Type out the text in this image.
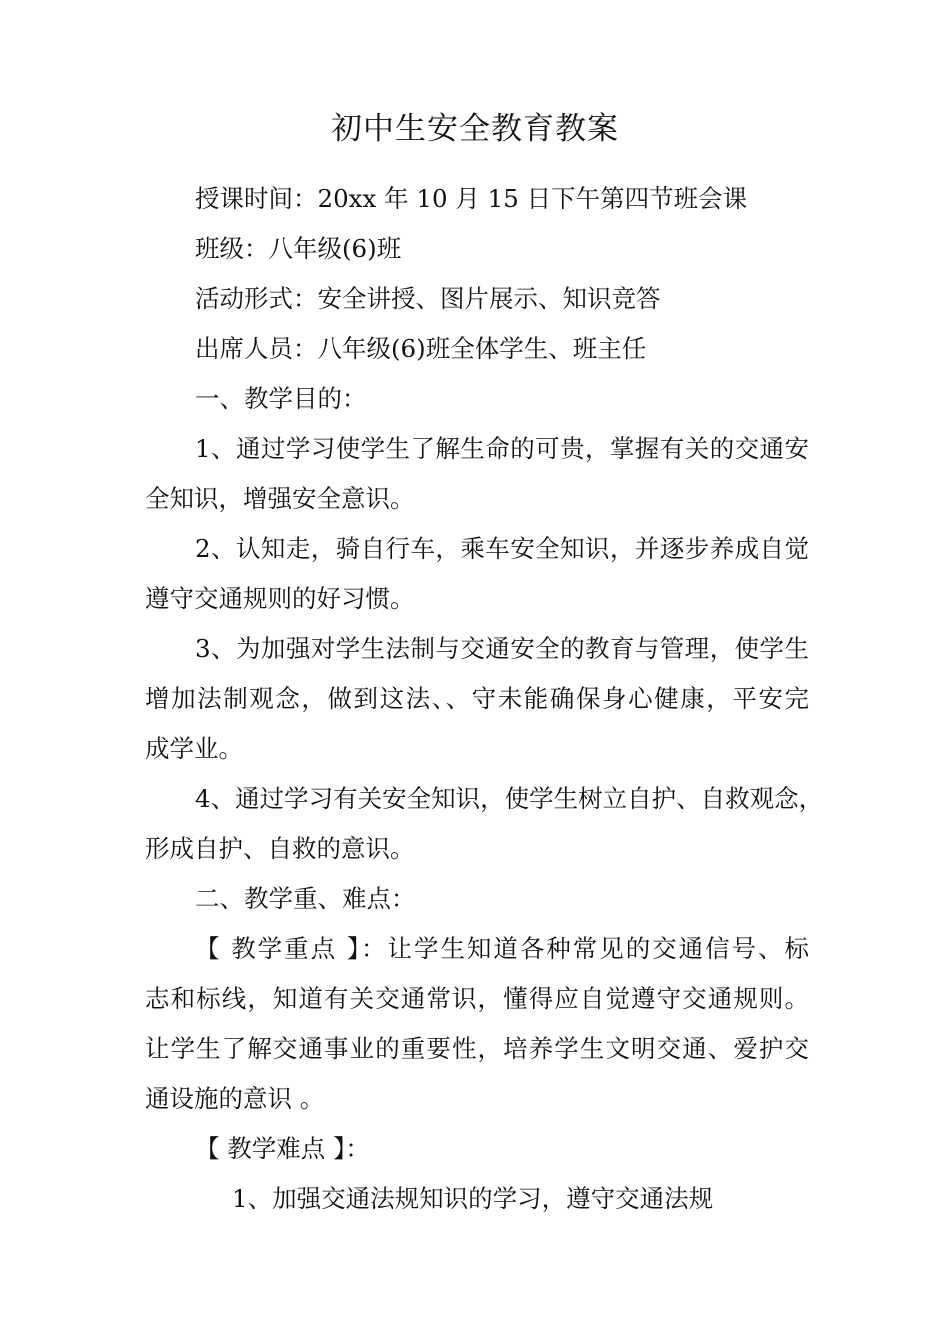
初中生安全教育教案

授课时间：20xx 年 10 月 15 日下午第四节班会课

班级：八年级(6)班

活动形式：安全讲授、图片展示、知识竞答

出席人员：八年级(6)班全体学生、班主任

一、教学目的：

1、通过学习使学生了解生命的可贵，掌握有关的交通安

全知识，增强安全意识。

2、认知走，骑自行车，乘车安全知识，并逐步养成自觉

遵守交通规则的好习惯。

3、为加强对学生法制与交通安全的教育与管理，使学生

增加法制观念，做到这法、、守未能确保身心健康，平安完

成学业。

4、通过学习有关安全知识，使学生树立自护、自救观念，

形成自护、自救的意识。

二、教学重、难点：

【 教学重点 】：让学生知道各种常见的交通信号、标

志和标线，知道有关交通常识，懂得应自觉遵守交通规则。

让学生了解交通事业的重要性，培养学生文明交通、爱护交

通设施的意识 。

【 教学难点 】：

1、加强交通法规知识的学习，遵守交通法规
